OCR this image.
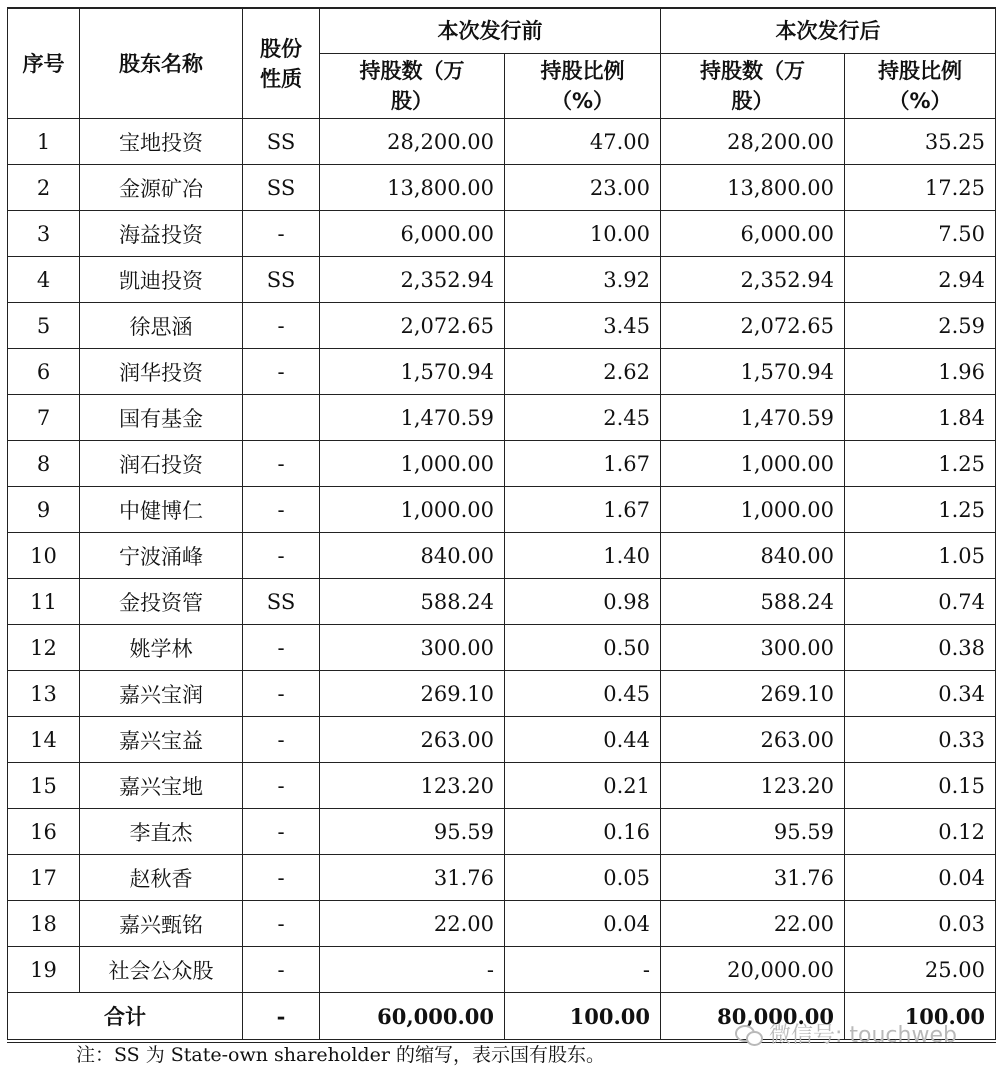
序号	股东名称	股份性质	本次发行前		本次发行后	

			持股数（万股）	持股比例（%）	持股数（万股）	持股比例（%）

1	宝地投资	SS	28,200.00	47.00	28,200.00	35.25
2	金源矿冶	SS	13,800.00	23.00	13,800.00	17.25
3	海益投资	-	6,000.00	10.00	6,000.00	7.50
4	凯迪投资	SS	2,352.94	3.92	2,352.94	2.94
5	徐思涵	-	2,072.65	3.45	2,072.65	2.59
6	润华投资	-	1,570.94	2.62	1,570.94	1.96
7	国有基金		1,470.59	2.45	1,470.59	1.84
8	润石投资	-	1,000.00	1.67	1,000.00	1.25
9	中健博仁	-	1,000.00	1.67	1,000.00	1.25
10	宁波涌峰	-	840.00	1.40	840.00	1.05
11	金投资管	SS	588.24	0.98	588.24	0.74
12	姚学林	-	300.00	0.50	300.00	0.38
13	嘉兴宝润	-	269.10	0.45	269.10	0.34
14	嘉兴宝益	-	263.00	0.44	263.00	0.33
15	嘉兴宝地	-	123.20	0.21	123.20	0.15
16	李直杰	-	95.59	0.16	95.59	0.12
17	赵秋香	-	31.76	0.05	31.76	0.04
18	嘉兴甄铭	-	22.00	0.04	22.00	0.03
19	社会公众股	-	-	-	20,000.00	25.00
合计		-	60,000.00	100.00	80,000.00	100.00
注：SS 为 State-own shareholder 的缩写，表示国有股东。
微信号: touchweb
